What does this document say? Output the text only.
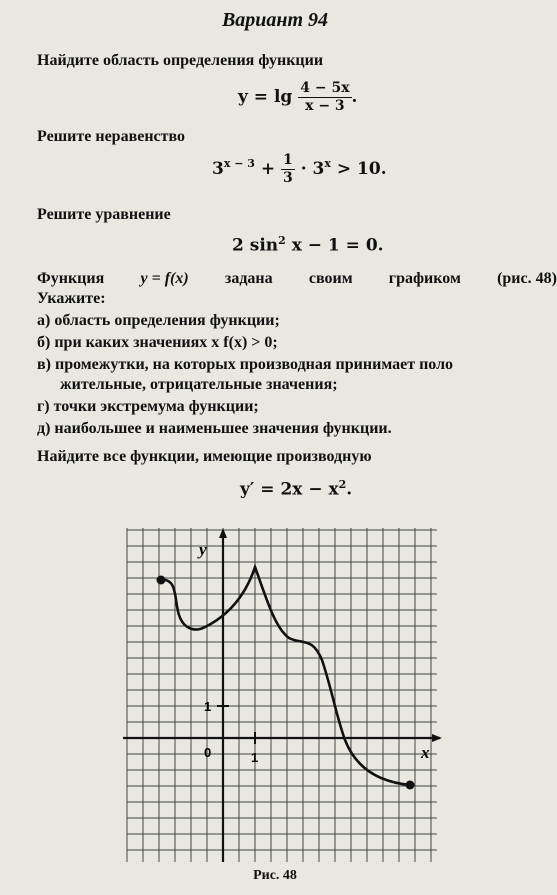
Вариант 94
Найдите область определения функции
$y = \lg \frac{4 - 5x}{x - 3}$ .
Решите неравенство
$3^{x - 3} + \frac{1}{3} \cdot 3^x > 10$.
Решите уравнение
2 $\sin^2 x - 1 = 0$.
Функция y = f(x) задана своим графиком (рис. 48)
Укажите:
а) область определения функции;
б) при каких значениях x f(x) > 0;
в) промежутки, на которых производная принимает поло
жительные, отрицательные значения;
г) точки экстремума функции;
д) наибольшее и наименьшее значения функции.
Найдите все функции, имеющие производную
$y' = 2x - x^2$.
y
x
0	1
1
Рис. 48
